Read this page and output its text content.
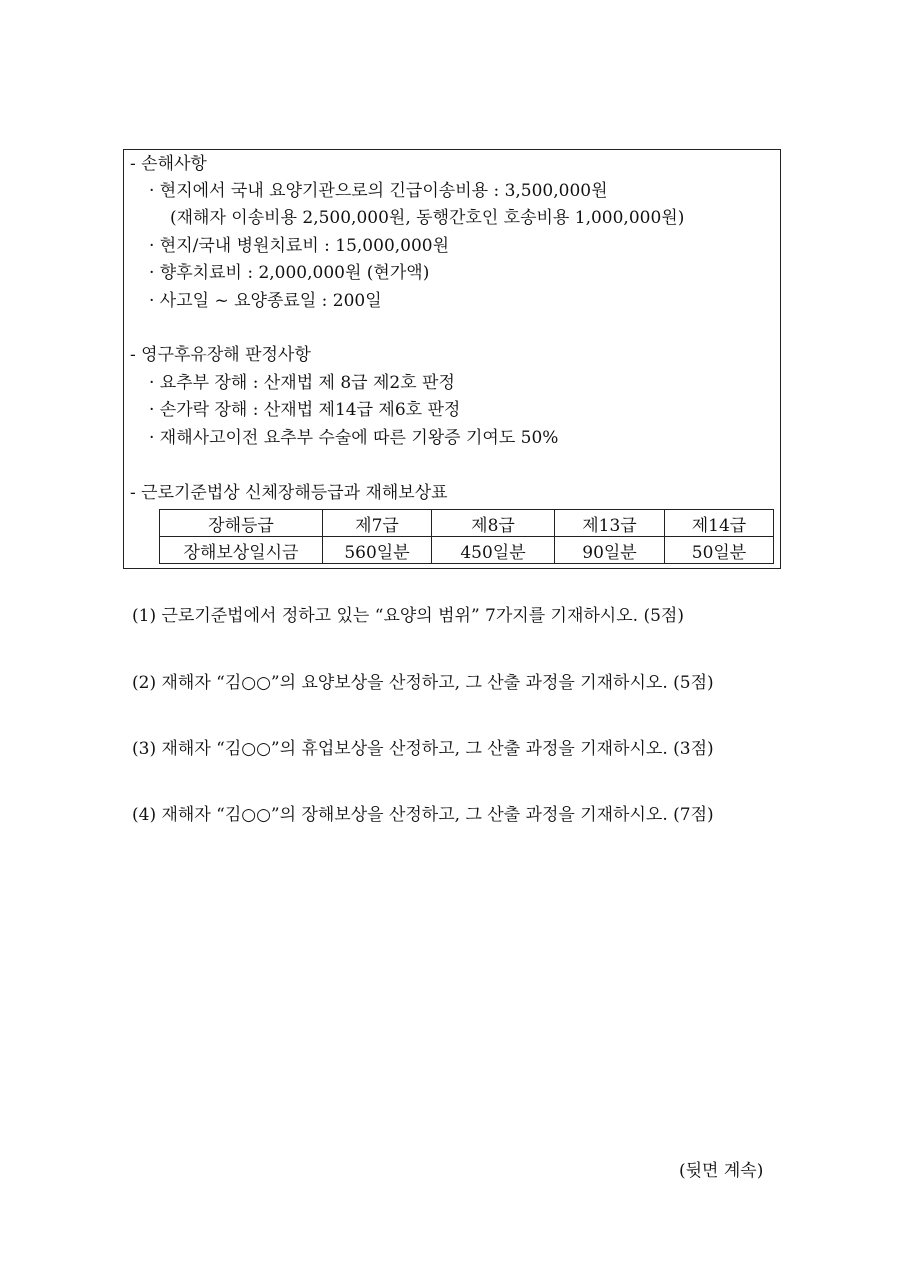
- 손해사항
· 현지에서 국내 요양기관으로의 긴급이송비용 : 3,500,000원
(재해자 이송비용 2,500,000원, 동행간호인 호송비용 1,000,000원)
· 현지/국내 병원치료비 : 15,000,000원
· 향후치료비 : 2,000,000원 (현가액)
· 사고일 ~ 요양종료일 : 200일
- 영구후유장해 판정사항
· 요추부 장해 : 산재법 제 8급 제2호 판정
· 손가락 장해 : 산재법 제14급 제6호 판정
· 재해사고이전 요추부 수술에 따른 기왕증 기여도 50%
- 근로기준법상 신체장해등급과 재해보상표
장해등급	제7급	제8급	제13급	제14급
장해보상일시금	560일분	450일분	90일분	50일분
(1) 근로기준법에서 정하고 있는 “요양의 범위” 7가지를 기재하시오. (5점)
(2) 재해자 “김○○”의 요양보상을 산정하고, 그 산출 과정을 기재하시오. (5점)
(3) 재해자 “김○○”의 휴업보상을 산정하고, 그 산출 과정을 기재하시오. (3점)
(4) 재해자 “김○○”의 장해보상을 산정하고, 그 산출 과정을 기재하시오. (7점)
(뒷면 계속)
